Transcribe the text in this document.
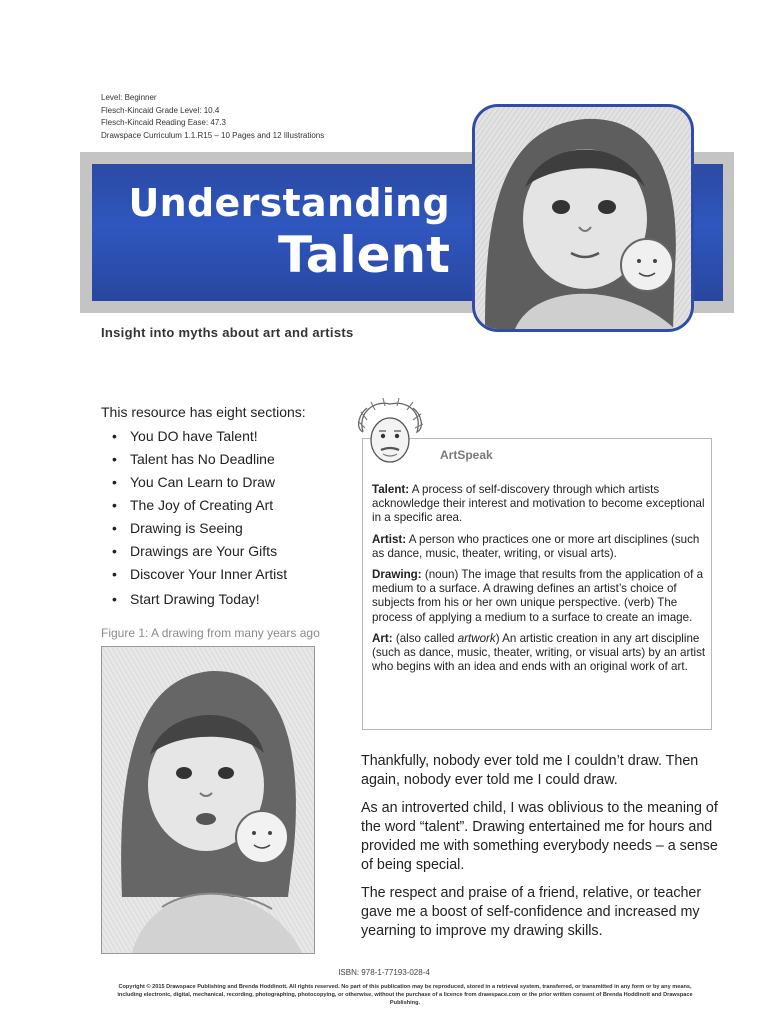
Level: Beginner
Flesch-Kincaid Grade Level: 10.4
Flesch-Kincaid Reading Ease: 47.3
Drawspace Curriculum 1.1.R15 – 10 Pages and 12 Illustrations
Understanding
Talent
Insight into myths about art and artists
This resource has eight sections:
• You DO have Talent!
• Talent has No Deadline
• You Can Learn to Draw
• The Joy of Creating Art
• Drawing is Seeing
• Drawings are Your Gifts
• Discover Your Inner Artist
• Start Drawing Today!
Figure 1: A drawing from many years ago
ArtSpeak

Talent: A process of self-discovery through which artists acknowledge their interest and motivation to become exceptional in a specific area.

Artist: A person who practices one or more art disciplines (such as dance, music, theater, writing, or visual arts).

Drawing: (noun) The image that results from the application of a medium to a surface. A drawing defines an artist’s choice of subjects from his or her own unique perspective. (verb) The process of applying a medium to a surface to create an image.

Art: (also called artwork) An artistic creation in any art discipline (such as dance, music, theater, writing, or visual arts) by an artist who begins with an idea and ends with an original work of art.

Thankfully, nobody ever told me I couldn’t draw. Then again, nobody ever told me I could draw.

As an introverted child, I was oblivious to the meaning of the word “talent”. Drawing entertained me for hours and provided me with something everybody needs – a sense of being special.

The respect and praise of a friend, relative, or teacher gave me a boost of self-confidence and increased my yearning to improve my drawing skills.

ISBN: 978-1-77193-028-4
Copyright © 2015 Drawspace Publishing and Brenda Hoddinott. All rights reserved. No part of this publication may be reproduced, stored in a retrieval system, transferred, or transmitted in any form or by any means, including electronic, digital, mechanical, recording, photographing, photocopying, or otherwise, without the purchase of a licence from drawspace.com or the prior written consent of Brenda Hoddinott and Drawspace Publishing.
